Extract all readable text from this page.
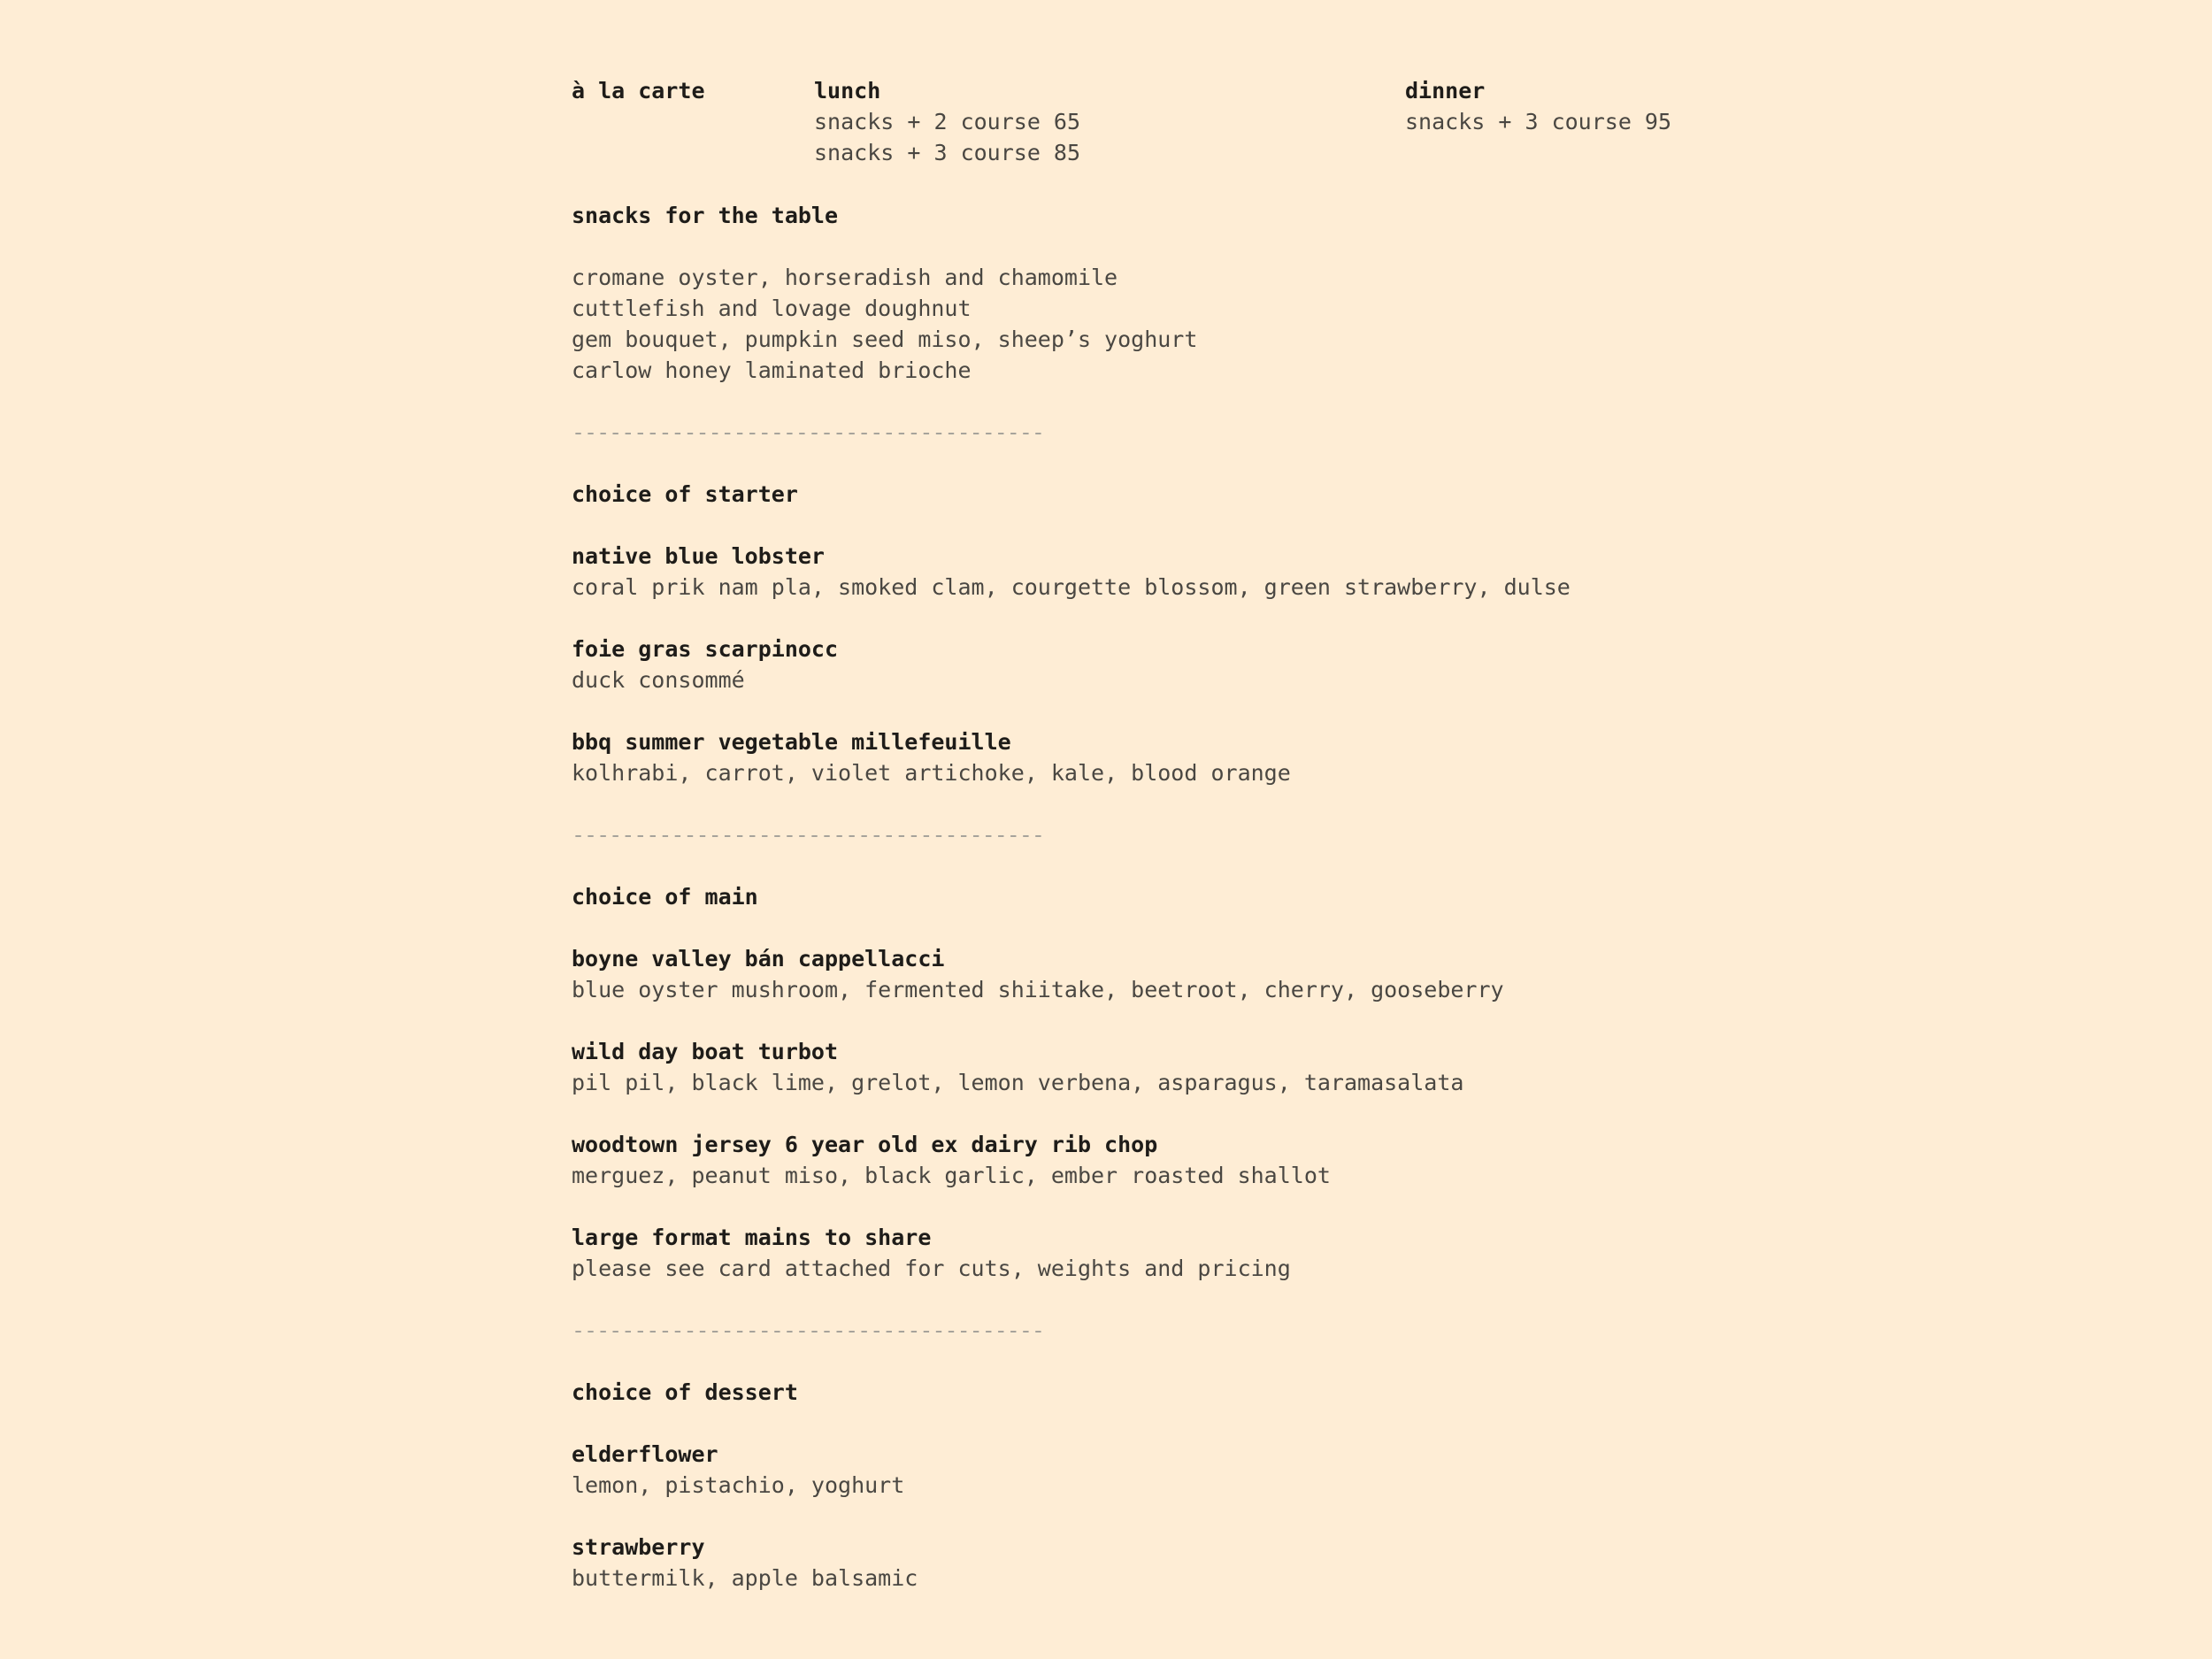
à la carte	lunch
snacks + 2 course 65
snacks + 3 course 85
dinner
snacks + 3 course 95
snacks for the table
cromane oyster, horseradish and chamomile
cuttlefish and lovage doughnut
gem bouquet, pumpkin seed miso, sheep’s yoghurt
carlow honey laminated brioche
--------------------------------------
choice of starter
native blue lobster
coral prik nam pla, smoked clam, courgette blossom, green strawberry, dulse
foie gras scarpinocc
duck consommé
bbq summer vegetable millefeuille
kolhrabi, carrot, violet artichoke, kale, blood orange
--------------------------------------
choice of main
boyne valley bán cappellacci
blue oyster mushroom, fermented shiitake, beetroot, cherry, gooseberry
wild day boat turbot
pil pil, black lime, grelot, lemon verbena, asparagus, taramasalata
woodtown jersey 6 year old ex dairy rib chop
merguez, peanut miso, black garlic, ember roasted shallot
large format mains to share
please see card attached for cuts, weights and pricing
--------------------------------------
choice of dessert
elderflower
lemon, pistachio, yoghurt
strawberry
buttermilk, apple balsamic
